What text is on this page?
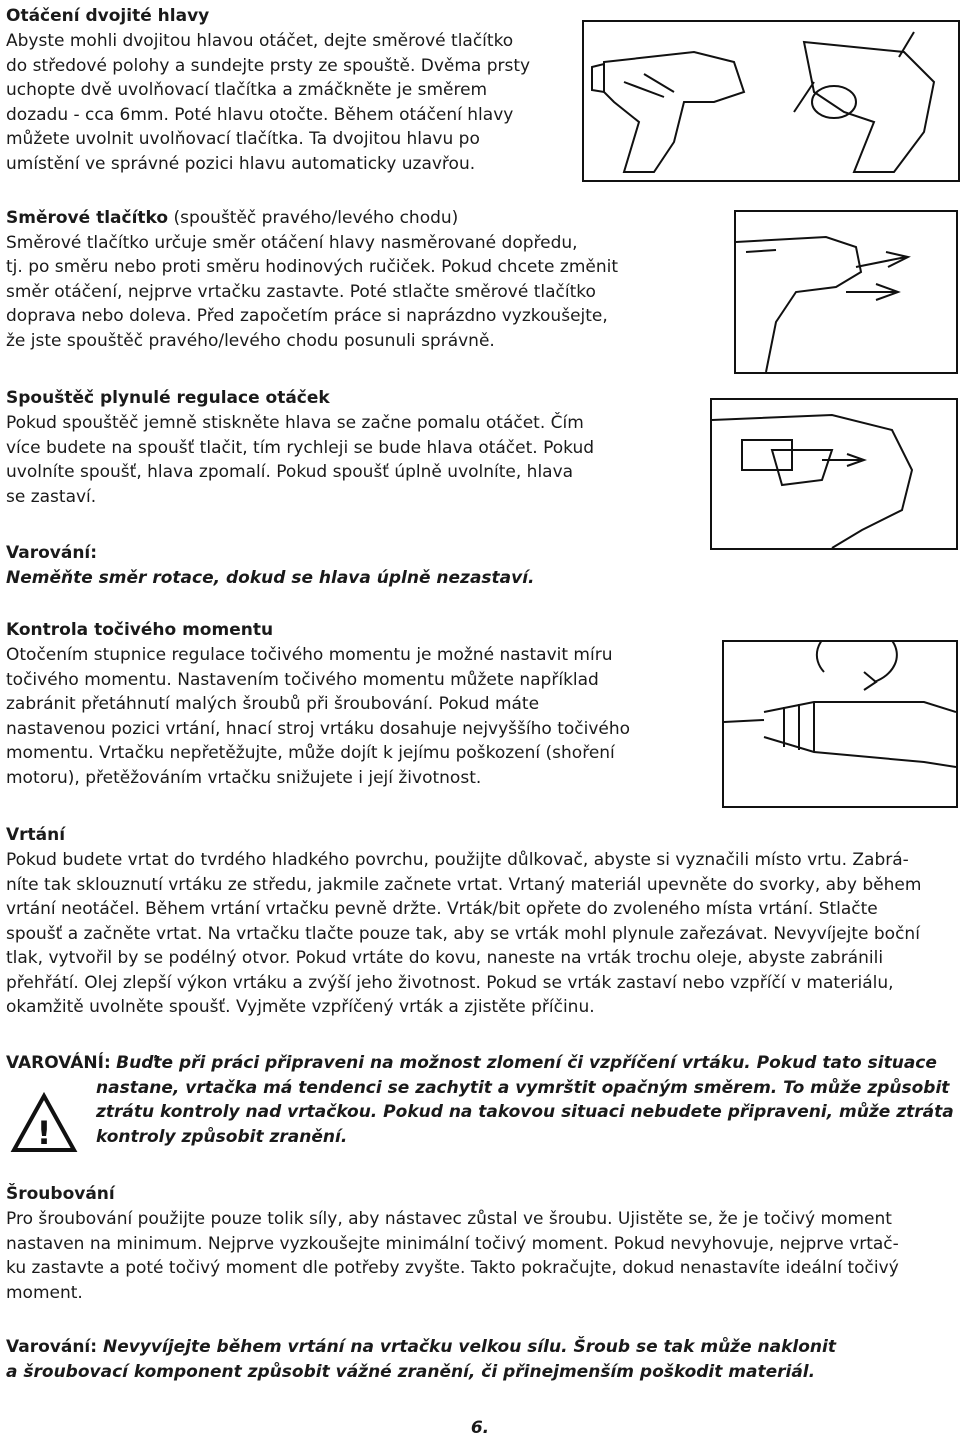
Otáčení dvojité hlavy

Abyste mohli dvojitou hlavou otáčet, dejte směrové tlačítko

do středové polohy a sundejte prsty ze spouště. Dvěma prsty

uchopte dvě uvolňovací tlačítka a zmáčkněte je směrem

dozadu - cca 6mm. Poté hlavu otočte. Během otáčení hlavy

můžete uvolnit uvolňovací tlačítka. Ta dvojitou hlavu po

umístění ve správné pozici hlavu automaticky uzavřou.

Směrové tlačítko (spouštěč pravého/levého chodu)

Směrové tlačítko určuje směr otáčení hlavy nasměrované dopředu,

tj. po směru nebo proti směru hodinových ručiček. Pokud chcete změnit

směr otáčení, nejprve vrtačku zastavte. Poté stlačte směrové tlačítko

doprava nebo doleva. Před započetím práce si naprázdno vyzkoušejte,

že jste spouštěč pravého/levého chodu posunuli správně.

Spouštěč plynulé regulace otáček

Pokud spouštěč jemně stiskněte hlava se začne pomalu otáčet. Čím

více budete na spoušť tlačit, tím rychleji se bude hlava otáčet. Pokud

uvolníte spoušť, hlava zpomalí. Pokud spoušť úplně uvolníte, hlava

se zastaví.

Varování:

Neměňte směr rotace, dokud se hlava úplně nezastaví.

Kontrola točivého momentu

Otočením stupnice regulace točivého momentu je možné nastavit míru

točivého momentu. Nastavením točivého momentu můžete například

zabránit přetáhnutí malých šroubů při šroubování. Pokud máte

nastavenou pozici vrtání, hnací stroj vrtáku dosahuje nejvyššího točivého

momentu. Vrtačku nepřetěžujte, může dojít k jejímu poškození (shoření

motoru), přetěžováním vrtačku snižujete i její životnost.

Vrtání

Pokud budete vrtat do tvrdého hladkého povrchu, použijte důlkovač, abyste si vyznačili místo vrtu. Zabrá-

níte tak sklouznutí vrtáku ze středu, jakmile začnete vrtat. Vrtaný materiál upevněte do svorky, aby během

vrtání neotáčel. Během vrtání vrtačku pevně držte. Vrták/bit opřete do zvoleného místa vrtání. Stlačte

spoušť a začněte vrtat. Na vrtačku tlačte pouze tak, aby se vrták mohl plynule zařezávat. Nevyvíjejte boční

tlak, vytvořil by se podélný otvor. Pokud vrtáte do kovu, naneste na vrták trochu oleje, abyste zabránili

přehřátí. Olej zlepší výkon vrtáku a zvýší jeho životnost. Pokud se vrták zastaví nebo vzpříčí v materiálu,

okamžitě uvolněte spoušť. Vyjměte vzpříčený vrták a zjistěte příčinu.

VAROVÁNÍ: Buďte při práci připraveni na možnost zlomení či vzpříčení vrtáku. Pokud tato situace

nastane, vrtačka má tendenci se zachytit a vymrštit opačným směrem. To může způsobit

ztrátu kontroly nad vrtačkou. Pokud na takovou situaci nebudete připraveni, může ztráta

kontroly způsobit zranění.

!

Šroubování

Pro šroubování použijte pouze tolik síly, aby nástavec zůstal ve šroubu. Ujistěte se, že je točivý moment

nastaven na minimum. Nejprve vyzkoušejte minimální točivý moment. Pokud nevyhovuje, nejprve vrtač-

ku zastavte a poté točivý moment dle potřeby zvyšte. Takto pokračujte, dokud nenastavíte ideální točivý

moment.

Varování: Nevyvíjejte během vrtání na vrtačku velkou sílu. Šroub se tak může naklonit

a šroubovací komponent způsobit vážné zranění, či přinejmenším poškodit materiál.

6.
